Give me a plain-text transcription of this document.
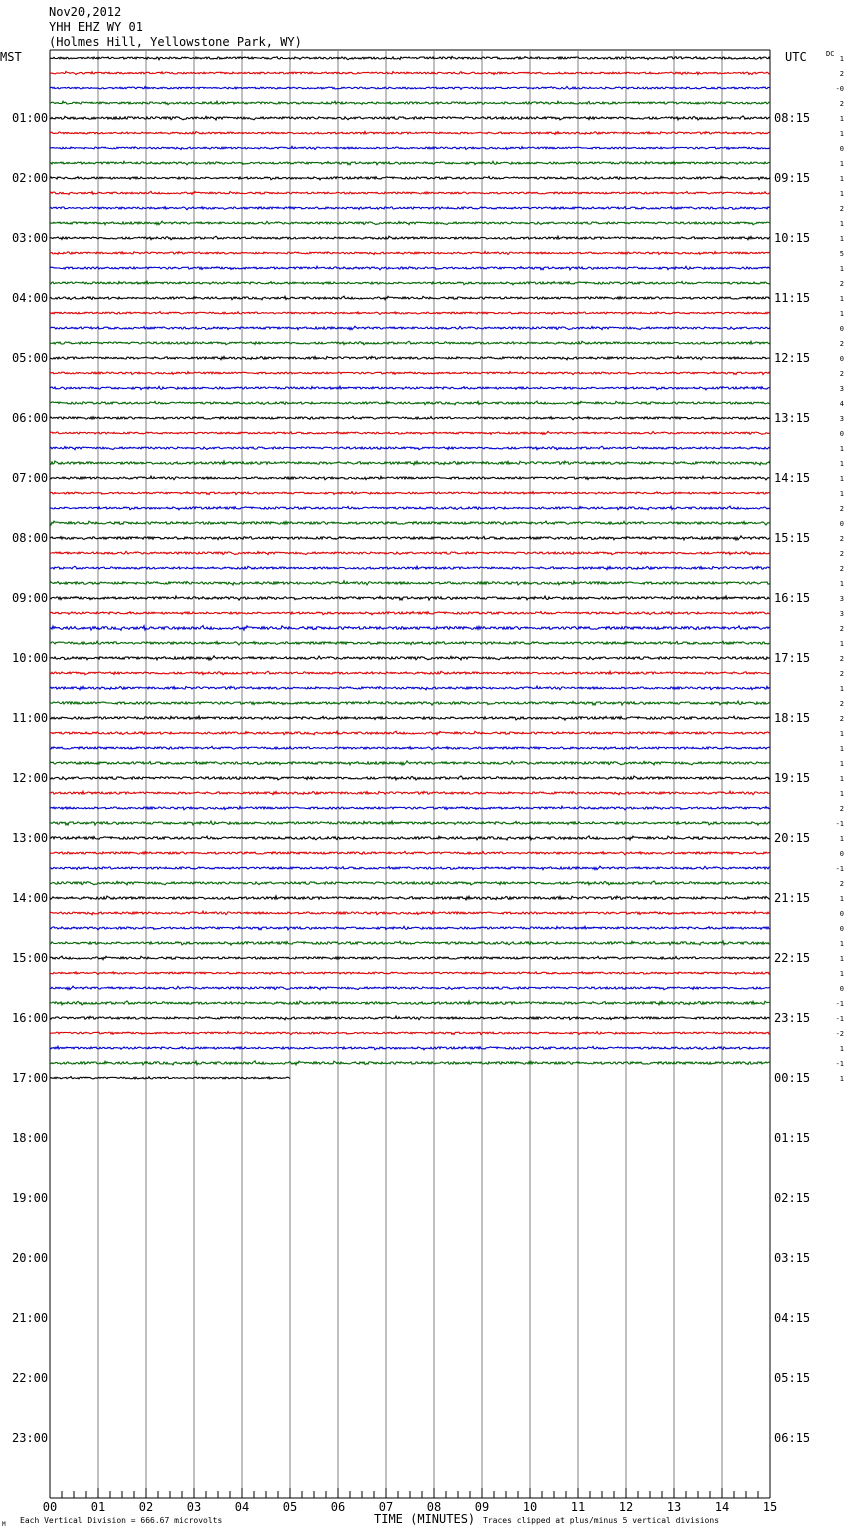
Nov20,2012
YHH EHZ WY 01
(Holmes Hill, Yellowstone Park, WY)
MST	UTC	DC
TIME (MINUTES)
Each Vertical Division = 666.67 microvolts	Traces clipped at plus/minus 5 vertical divisions
M
01:00
02:00
03:00
04:00
05:00
06:00
07:00
08:00
09:00
10:00
11:00
12:00
13:00
14:00
15:00
16:00
17:00
18:00
19:00
20:00
21:00
22:00
23:00
08:15
09:15
10:15
11:15
12:15
13:15
14:15
15:15
16:15
17:15
18:15
19:15
20:15
21:15
22:15
23:15
00:15
01:15
02:15
03:15
04:15
05:15
06:15
1
2
-0
2
1
1
0
1
1
1
2
1
1
5
1
2
1
1
0
2
0
2
3
4
3
0
1
1
1
1
2
0
2
2
2
1
3
3
2
1
2
2
1
2
2
1
1
1
1
1
2
-1
1
0
-1
2
1
0
0
1
1
1
0
-1
-1
-2
1
-1
1
00	01	02	03	04	05	06	07	08	09	10	11	12	13	14	15
